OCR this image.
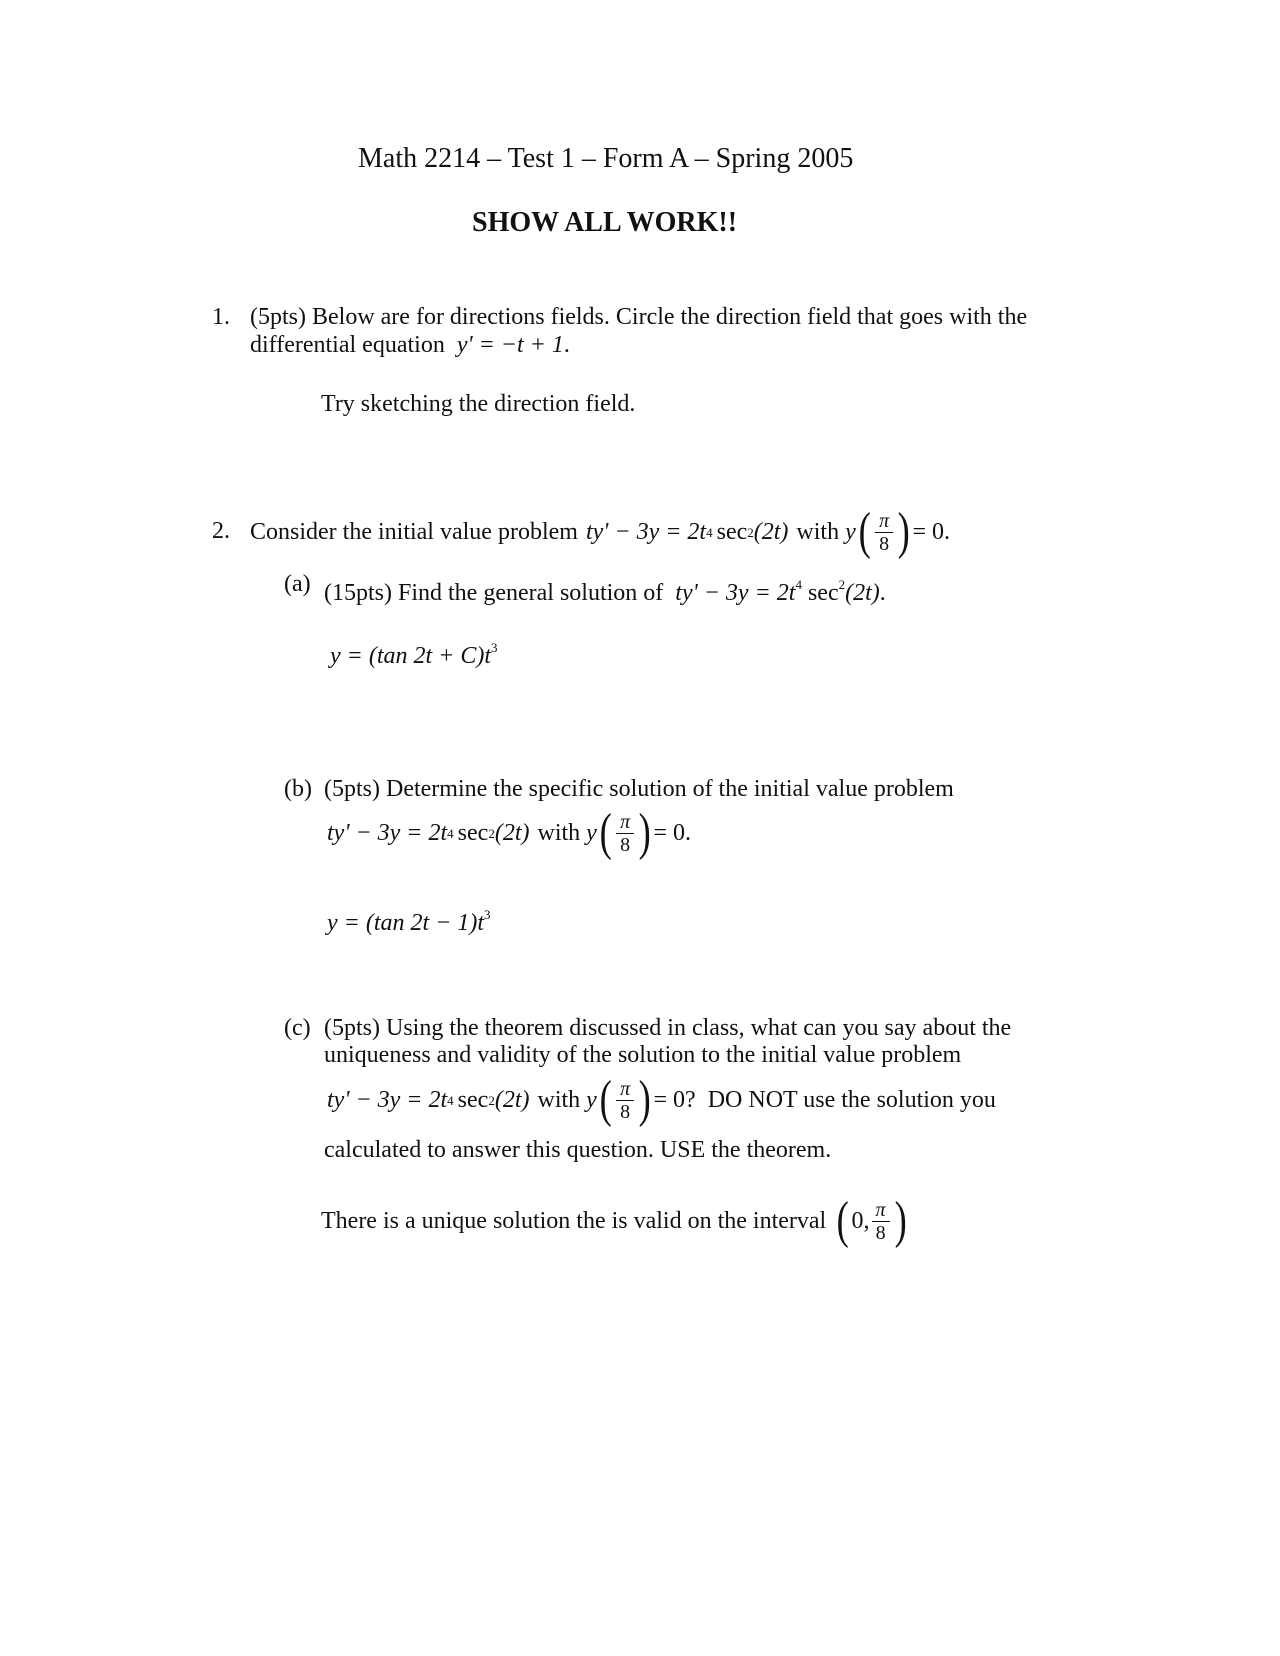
Math 2214 – Test 1 – Form A – Spring 2005
SHOW ALL WORK!!
1. (5pts) Below are for directions fields. Circle the direction field that goes with the
differential equation y' = −t + 1.
Try sketching the direction field.
2. Consider the initial value problem ty' − 3y = 2t 4 sec 2 (2t) with y ( $\frac{\pi}{8}$ ) = 0 .
(a) (15pts) Find the general solution of $ty' - 3y = 2t^4$ $\sec^2(2t)$.
y = (tan $2t + C)t^3$
(b) (5pts) Determine the specific solution of the initial value problem
ty' − 3y = 2t 4 sec 2 (2t) with y ( $\frac{\pi}{8}$ ) = 0 .
y = (tan $2t - 1)t^3$
(c) (5pts) Using the theorem discussed in class, what can you say about the
uniqueness and validity of the solution to the initial value problem
ty' − 3y = 2t 4 sec 2 (2t) with y ( $\frac{\pi}{8}$ ) = 0 ? DO NOT use the solution you
calculated to answer this question. USE the theorem.
There is a unique solution the is valid on the interval ( 0, $\frac{\pi}{8}$ )
